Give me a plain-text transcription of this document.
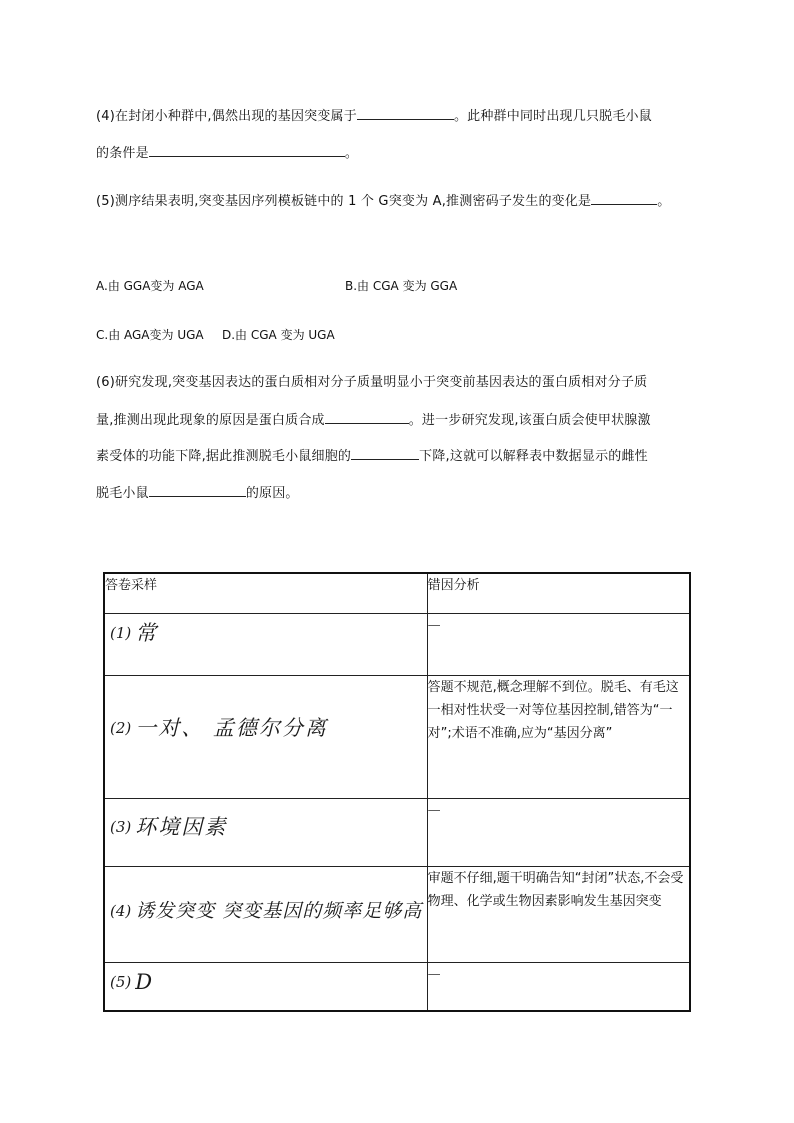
(4)在封闭小种群中,偶然出现的基因突变属于	。此种群中同时出现几只脱毛小鼠
的条件是	。
(5)测序结果表明,突变基因序列模板链中的 1 个 G突变为 A,推测密码子发生的变化是	。
A.由 GGA变为 AGA	B.由 CGA 变为 GGA
C.由 AGA变为 UGA D.由 CGA 变为 UGA
(6)研究发现,突变基因表达的蛋白质相对分子质量明显小于突变前基因表达的蛋白质相对分子质
量,推测出现此现象的原因是蛋白质合成	。进一步研究发现,该蛋白质会使甲状腺激
素受体的功能下降,据此推测脱毛小鼠细胞的	下降,这就可以解释表中数据显示的雌性
脱毛小鼠	的原因。
答卷采样	错因分析

(1) 常	—

(2) 一对、 孟德尔分离	答题不规范,概念理解不到位。脱毛、有毛这一相对性状受一对等位基因控制,错答为“一对”;术语不准确,应为“基因分离”

(3) 环境因素	—

(4) 诱发突变 突变基因的频率足够高	审题不仔细,题干明确告知“封闭”状态,不会受物理、化学或生物因素影响发生基因突变

(5) D	—
